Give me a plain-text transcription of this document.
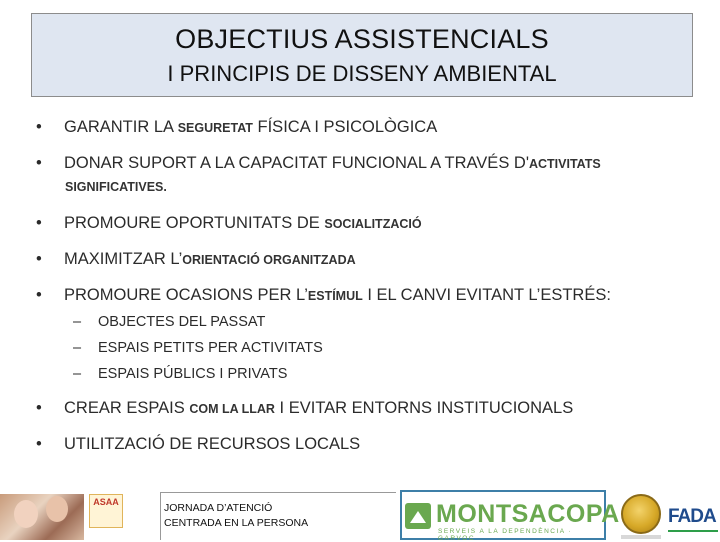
OBJECTIUS ASSISTENCIALS
I PRINCIPIS DE DISSENY AMBIENTAL
• GARANTIR LA SEGURETAT FÍSICA I PSICOLÒGICA
• DONAR SUPORT A LA CAPACITAT FUNCIONAL A TRAVÉS D'ACTIVITATS
SIGNIFICATIVES.
• PROMOURE OPORTUNITATS DE SOCIALITZACIÓ
• MAXIMITZAR L’ORIENTACIÓ ORGANITZADA
• PROMOURE OCASIONS PER L’ESTÍMUL I EL CANVI EVITANT L’ESTRÉS:
– OBJECTES DEL PASSAT
– ESPAIS PETITS PER ACTIVITATS
– ESPAIS PÚBLICS I PRIVATS
• CREAR ESPAIS COM LA LLAR I EVITAR ENTORNS INSTITUCIONALS
• UTILITZACIÓ DE RECURSOS LOCALS
ASAA	JORNADA D’ATENCIÓ
CENTRADA EN LA PERSONA	MONTSACOPA
SERVEIS A LA DEPENDÈNCIA · GARVOC
FADA
